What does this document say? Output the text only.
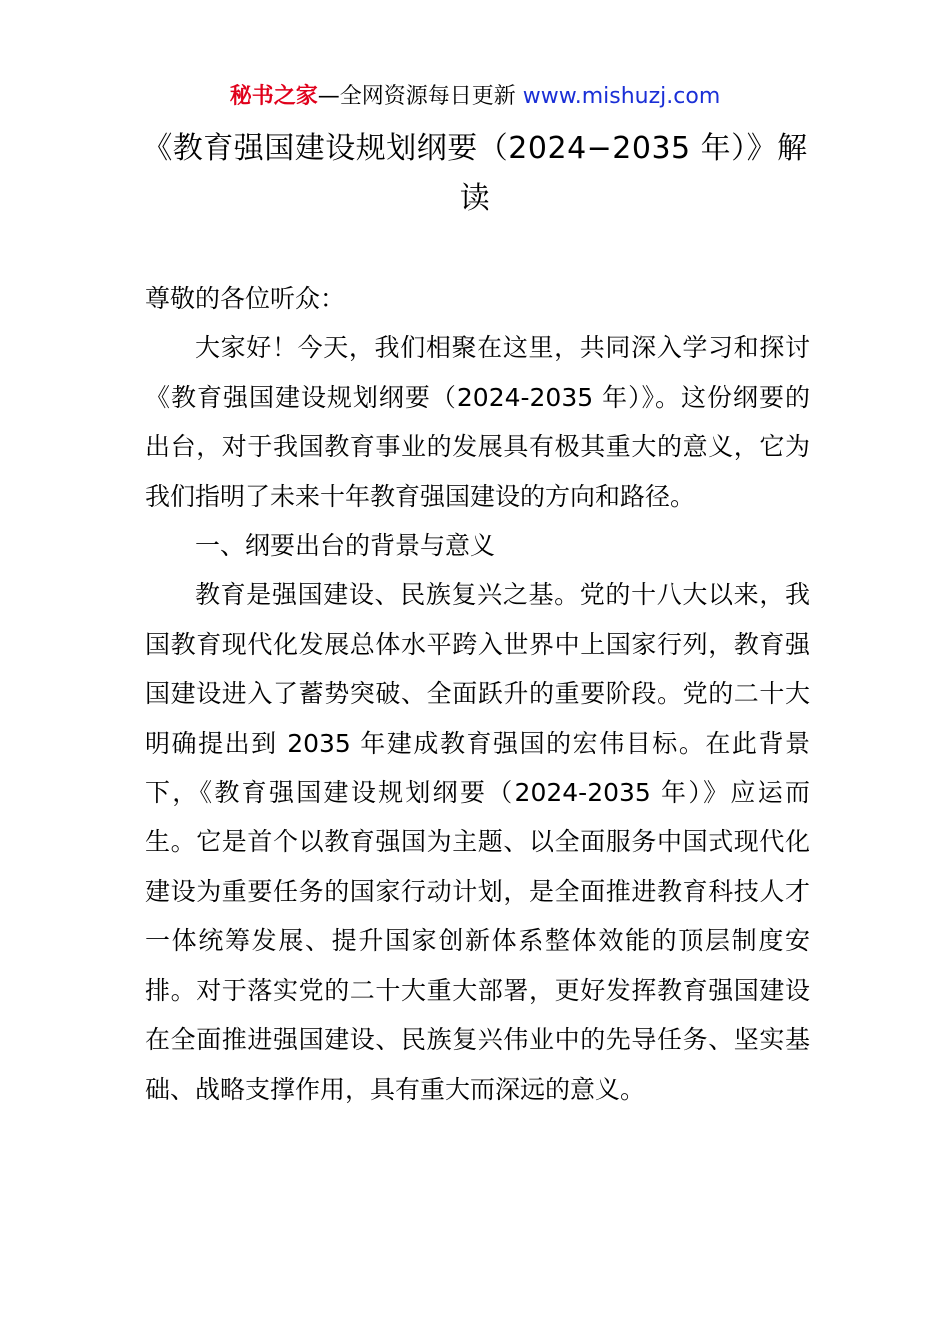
秘书之家—全网资源每日更新 www.mishuzj.com
《教育强国建设规划纲要（2024−2035 年）》解读

尊敬的各位听众：

大家好！今天，我们相聚在这里，共同深入学习和探讨《教育强国建设规划纲要（2024-2035 年）》。这份纲要的出台，对于我国教育事业的发展具有极其重大的意义，它为我们指明了未来十年教育强国建设的方向和路径。

一、纲要出台的背景与意义

教育是强国建设、民族复兴之基。党的十八大以来，我国教育现代化发展总体水平跨入世界中上国家行列，教育强国建设进入了蓄势突破、全面跃升的重要阶段。党的二十大明确提出到 2035 年建成教育强国的宏伟目标。在此背景下，《教育强国建设规划纲要（2024-2035 年）》应运而生。它是首个以教育强国为主题、以全面服务中国式现代化建设为重要任务的国家行动计划，是全面推进教育科技人才一体统筹发展、提升国家创新体系整体效能的顶层制度安排。对于落实党的二十大重大部署，更好发挥教育强国建设在全面推进强国建设、民族复兴伟业中的先导任务、坚实基础、战略支撑作用，具有重大而深远的意义。
